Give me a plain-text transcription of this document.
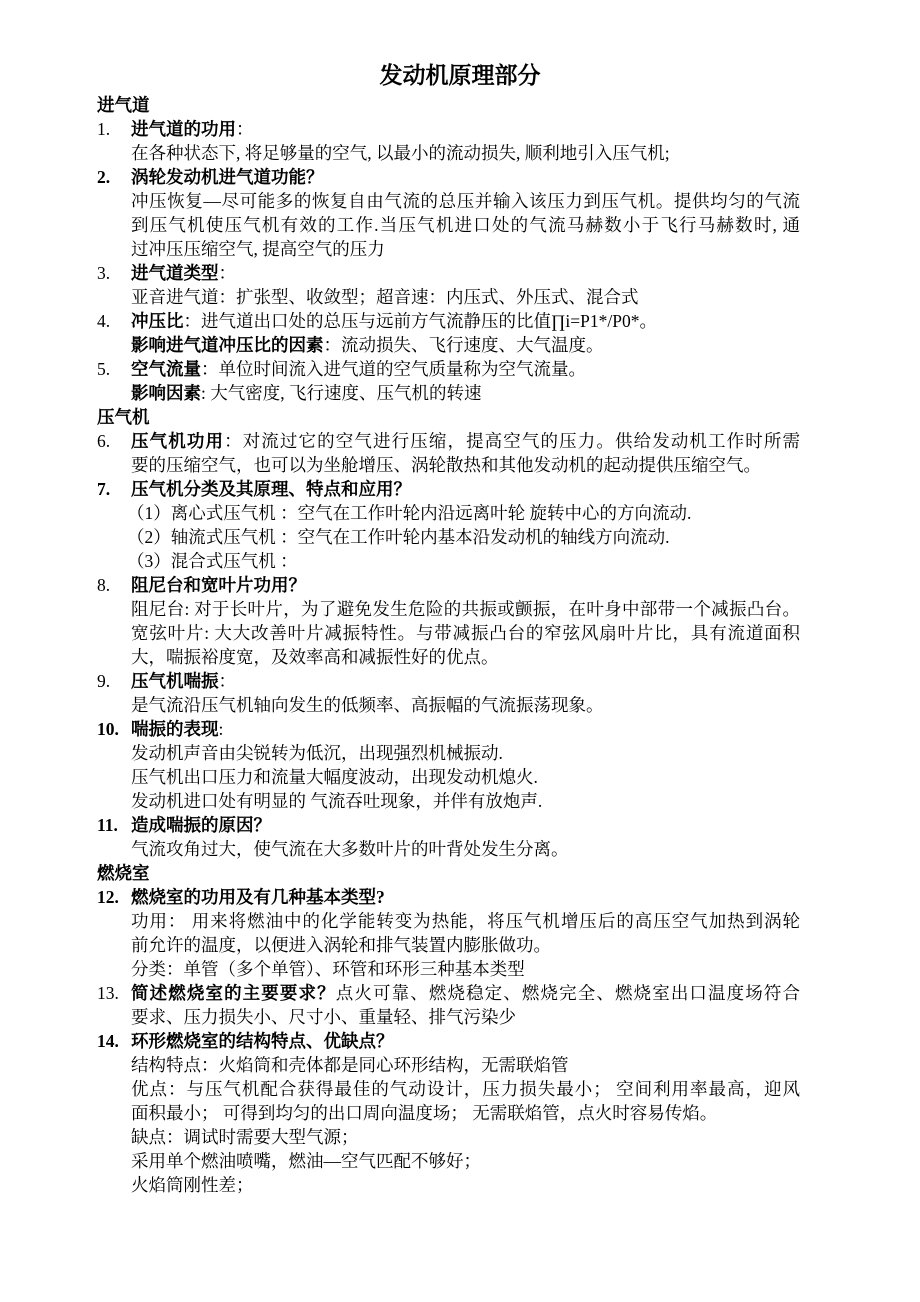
发动机原理部分
进气道
1. 进气道的功用：
在各种状态下, 将足够量的空气, 以最小的流动损失, 顺利地引入压气机;
2. 涡轮发动机进气道功能？
冲压恢复—尽可能多的恢复自由气流的总压并输入该压力到压气机。提供均匀的气流
到压气机使压气机有效的工作.当压气机进口处的气流马赫数小于飞行马赫数时, 通
过冲压压缩空气, 提高空气的压力
3. 进气道类型：
亚音进气道：扩张型、收敛型；超音速：内压式、外压式、混合式
4. 冲压比：进气道出口处的总压与远前方气流静压的比值∏i=P1*/P0*。
影响进气道冲压比的因素：流动损失、飞行速度、大气温度。
5. 空气流量：单位时间流入进气道的空气质量称为空气流量。
影响因素: 大气密度, 飞行速度、压气机的转速
压气机
6. 压气机功用：对流过它的空气进行压缩，提高空气的压力。供给发动机工作时所需
要的压缩空气，也可以为坐舱增压、涡轮散热和其他发动机的起动提供压缩空气。
7. 压气机分类及其原理、特点和应用？
（1）离心式压气机 ：空气在工作叶轮内沿远离叶轮 旋转中心的方向流动.
（2）轴流式压气机 ：空气在工作叶轮内基本沿发动机的轴线方向流动.
（3）混合式压气机 ：
8. 阻尼台和宽叶片功用？
阻尼台: 对于长叶片，为了避免发生危险的共振或颤振，在叶身中部带一个减振凸台。
宽弦叶片: 大大改善叶片减振特性。与带减振凸台的窄弦风扇叶片比，具有流道面积
大，喘振裕度宽，及效率高和减振性好的优点。
9. 压气机喘振：
是气流沿压气机轴向发生的低频率、高振幅的气流振荡现象。
10. 喘振的表现:
发动机声音由尖锐转为低沉，出现强烈机械振动.
压气机出口压力和流量大幅度波动，出现发动机熄火.
发动机进口处有明显的 气流吞吐现象，并伴有放炮声.
11. 造成喘振的原因？
气流攻角过大，使气流在大多数叶片的叶背处发生分离。
燃烧室
12. 燃烧室的功用及有几种基本类型?
功用： 用来将燃油中的化学能转变为热能，将压气机增压后的高压空气加热到涡轮
前允许的温度，以便进入涡轮和排气装置内膨胀做功。
分类：单管（多个单管）、环管和环形三种基本类型
13. 简述燃烧室的主要要求？点火可靠、燃烧稳定、燃烧完全、燃烧室出口温度场符合
要求、压力损失小、尺寸小、重量轻、排气污染少
14. 环形燃烧室的结构特点、优缺点？
结构特点：火焰筒和壳体都是同心环形结构，无需联焰管
优点：与压气机配合获得最佳的气动设计，压力损失最小； 空间利用率最高，迎风
面积最小； 可得到均匀的出口周向温度场； 无需联焰管，点火时容易传焰。
缺点：调试时需要大型气源；
采用单个燃油喷嘴，燃油—空气匹配不够好；
火焰筒刚性差；
